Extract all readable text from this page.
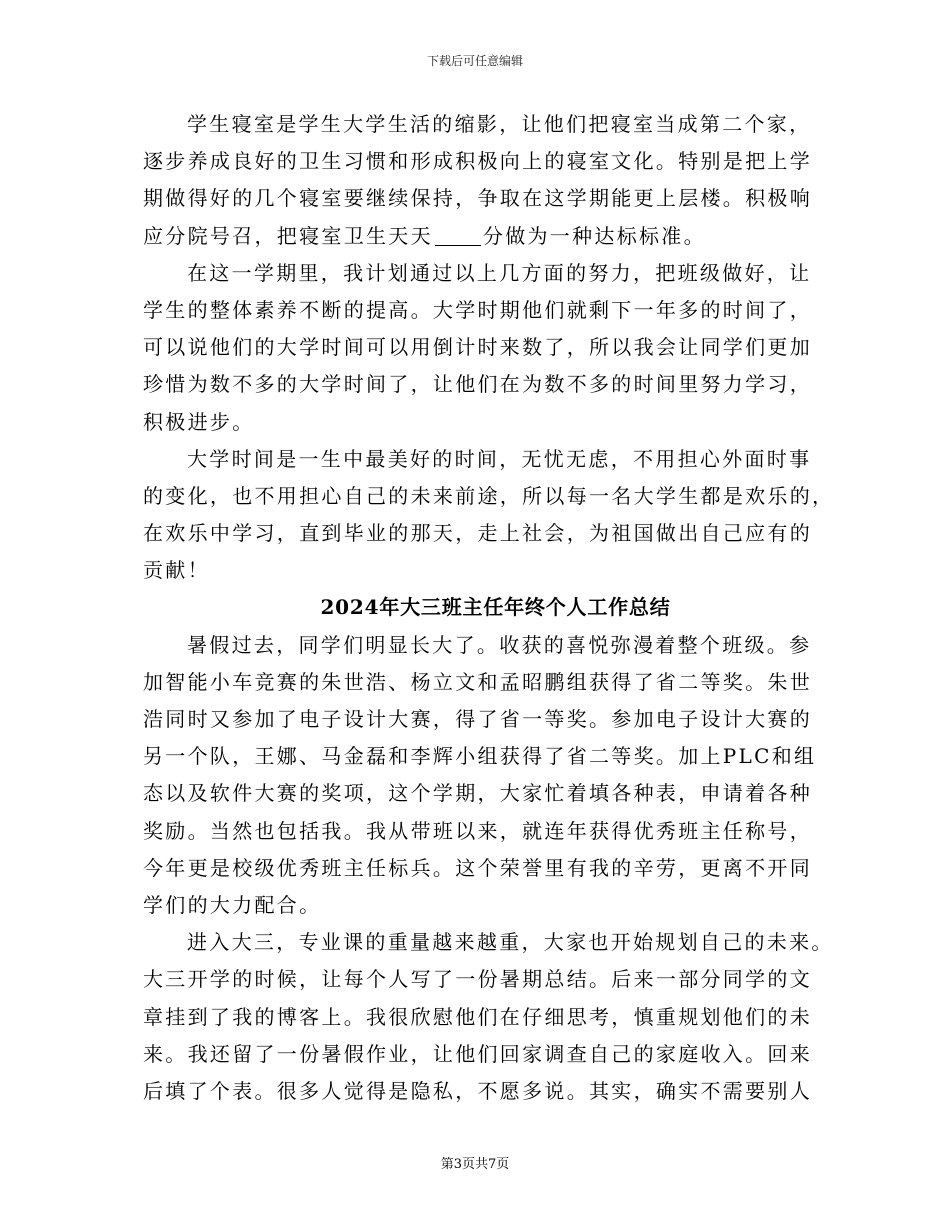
下载后可任意编辑
学生寝室是学生大学生活的缩影，让他们把寝室当成第二个家，
逐步养成良好的卫生习惯和形成积极向上的寝室文化。特别是把上学
期做得好的几个寝室要继续保持，争取在这学期能更上层楼。积极响
应分院号召，把寝室卫生天天	分做为一种达标标准。
在这一学期里，我计划通过以上几方面的努力，把班级做好，让
学生的整体素养不断的提高。大学时期他们就剩下一年多的时间了，
可以说他们的大学时间可以用倒计时来数了，所以我会让同学们更加
珍惜为数不多的大学时间了，让他们在为数不多的时间里努力学习，
积极进步。
大学时间是一生中最美好的时间，无忧无虑，不用担心外面时事
的变化，也不用担心自己的未来前途，所以每一名大学生都是欢乐的，
在欢乐中学习，直到毕业的那天，走上社会，为祖国做出自己应有的
贡献！
2024年大三班主任年终个人工作总结
暑假过去，同学们明显长大了。收获的喜悦弥漫着整个班级。参
加智能小车竞赛的朱世浩、杨立文和孟昭鹏组获得了省二等奖。朱世
浩同时又参加了电子设计大赛，得了省一等奖。参加电子设计大赛的
另一个队，王娜、马金磊和李辉小组获得了省二等奖。加上PLC和组
态以及软件大赛的奖项，这个学期，大家忙着填各种表，申请着各种
奖励。当然也包括我。我从带班以来，就连年获得优秀班主任称号，
今年更是校级优秀班主任标兵。这个荣誉里有我的辛劳，更离不开同
学们的大力配合。
进入大三，专业课的重量越来越重，大家也开始规划自己的未来。
大三开学的时候，让每个人写了一份暑期总结。后来一部分同学的文
章挂到了我的博客上。我很欣慰他们在仔细思考，慎重规划他们的未
来。我还留了一份暑假作业，让他们回家调查自己的家庭收入。回来
后填了个表。很多人觉得是隐私，不愿多说。其实，确实不需要别人
第3页共7页
